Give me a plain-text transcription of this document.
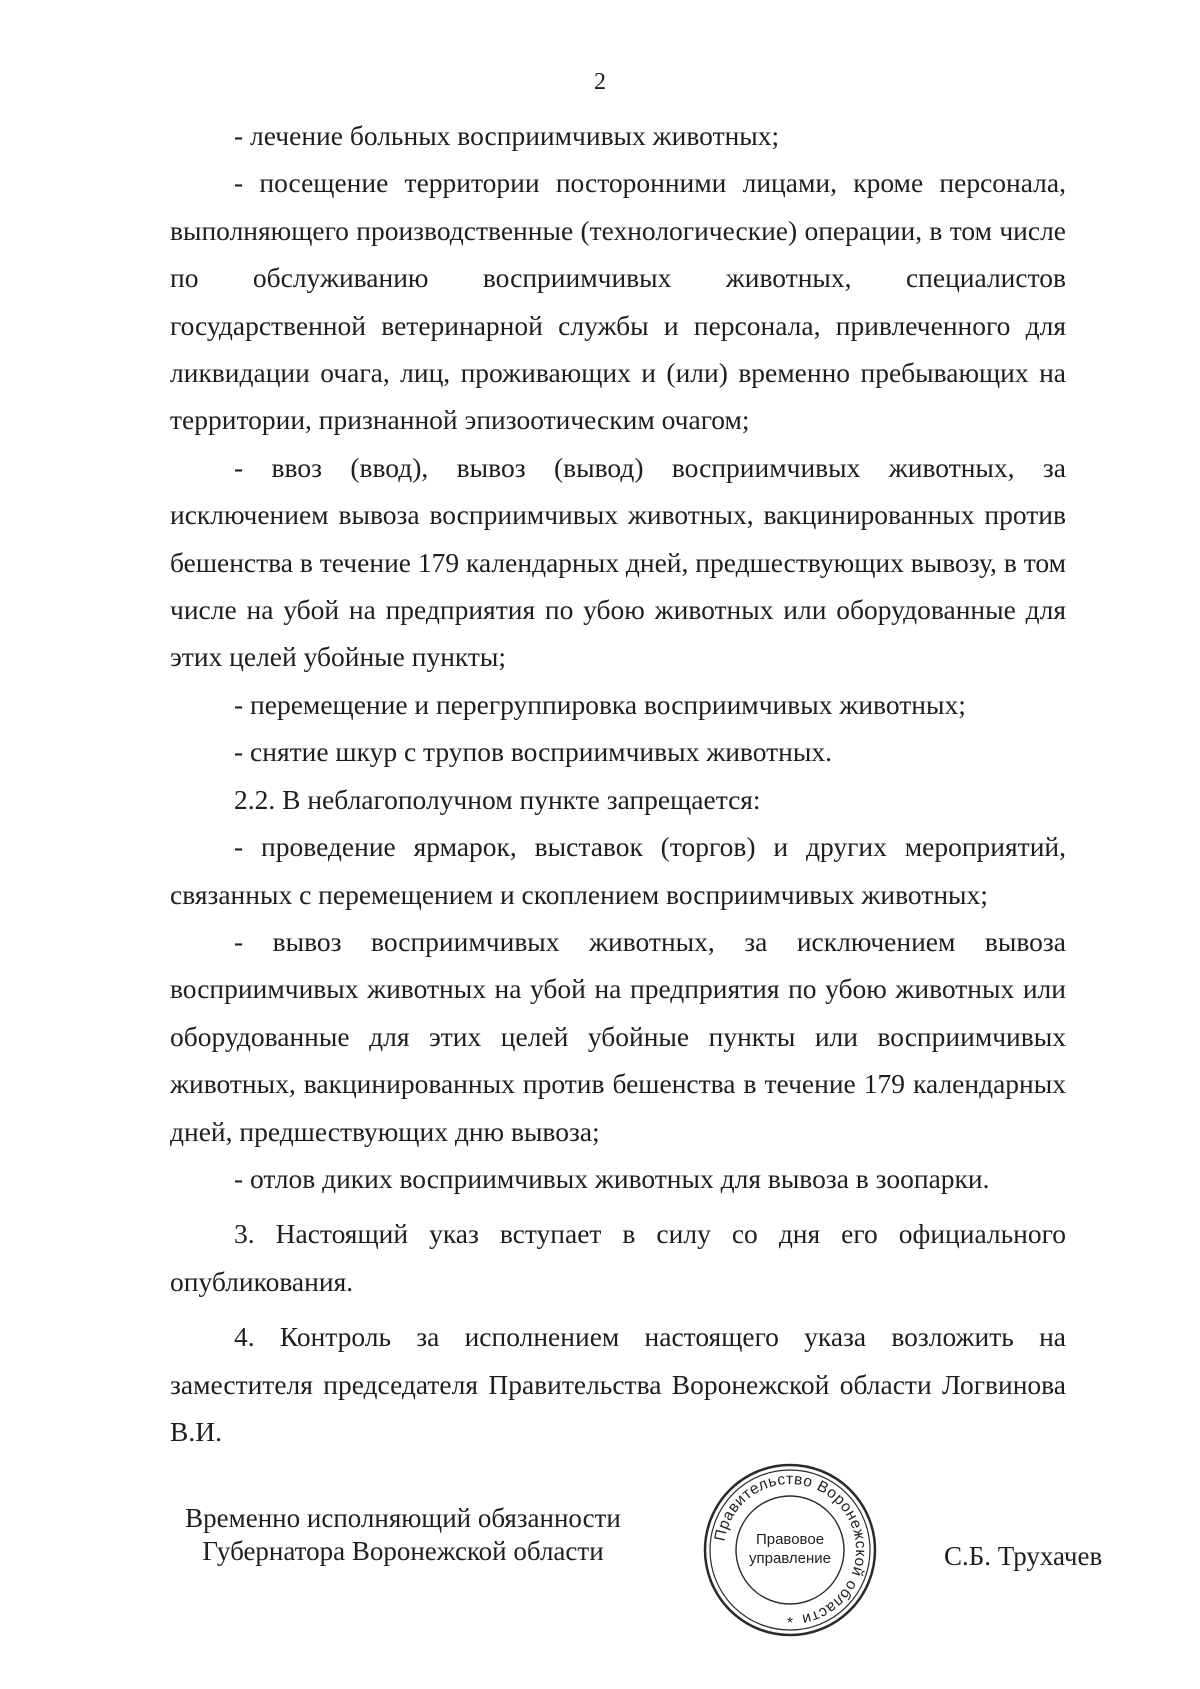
2

- лечение больных восприимчивых животных;

- посещение территории посторонними лицами, кроме персонала, выполняющего производственные (технологические) операции, в том числе по обслуживанию восприимчивых животных, специалистов государственной ветеринарной службы и персонала, привлеченного для ликвидации очага, лиц, проживающих и (или) временно пребывающих на территории, признанной эпизоотическим очагом;

- ввоз (ввод), вывоз (вывод) восприимчивых животных, за исключением вывоза восприимчивых животных, вакцинированных против бешенства в течение 179 календарных дней, предшествующих вывозу, в том числе на убой на предприятия по убою животных или оборудованные для этих целей убойные пункты;

- перемещение и перегруппировка восприимчивых животных;

- снятие шкур с трупов восприимчивых животных.

2.2. В неблагополучном пункте запрещается:

- проведение ярмарок, выставок (торгов) и других мероприятий, связанных с перемещением и скоплением восприимчивых животных;

- вывоз восприимчивых животных, за исключением вывоза восприимчивых животных на убой на предприятия по убою животных или оборудованные для этих целей убойные пункты или восприимчивых животных, вакцинированных против бешенства в течение 179 календарных дней, предшествующих дню вывоза;

- отлов диких восприимчивых животных для вывоза в зоопарки.

3. Настоящий указ вступает в силу со дня его официального опубликования.

4. Контроль за исполнением настоящего указа возложить на заместителя председателя Правительства Воронежской области Логвинова В.И.

Временно исполняющий обязанности
Губернатора Воронежской области
Правительство Воронежской области
Правовое
управление
*
С.Б. Трухачев
